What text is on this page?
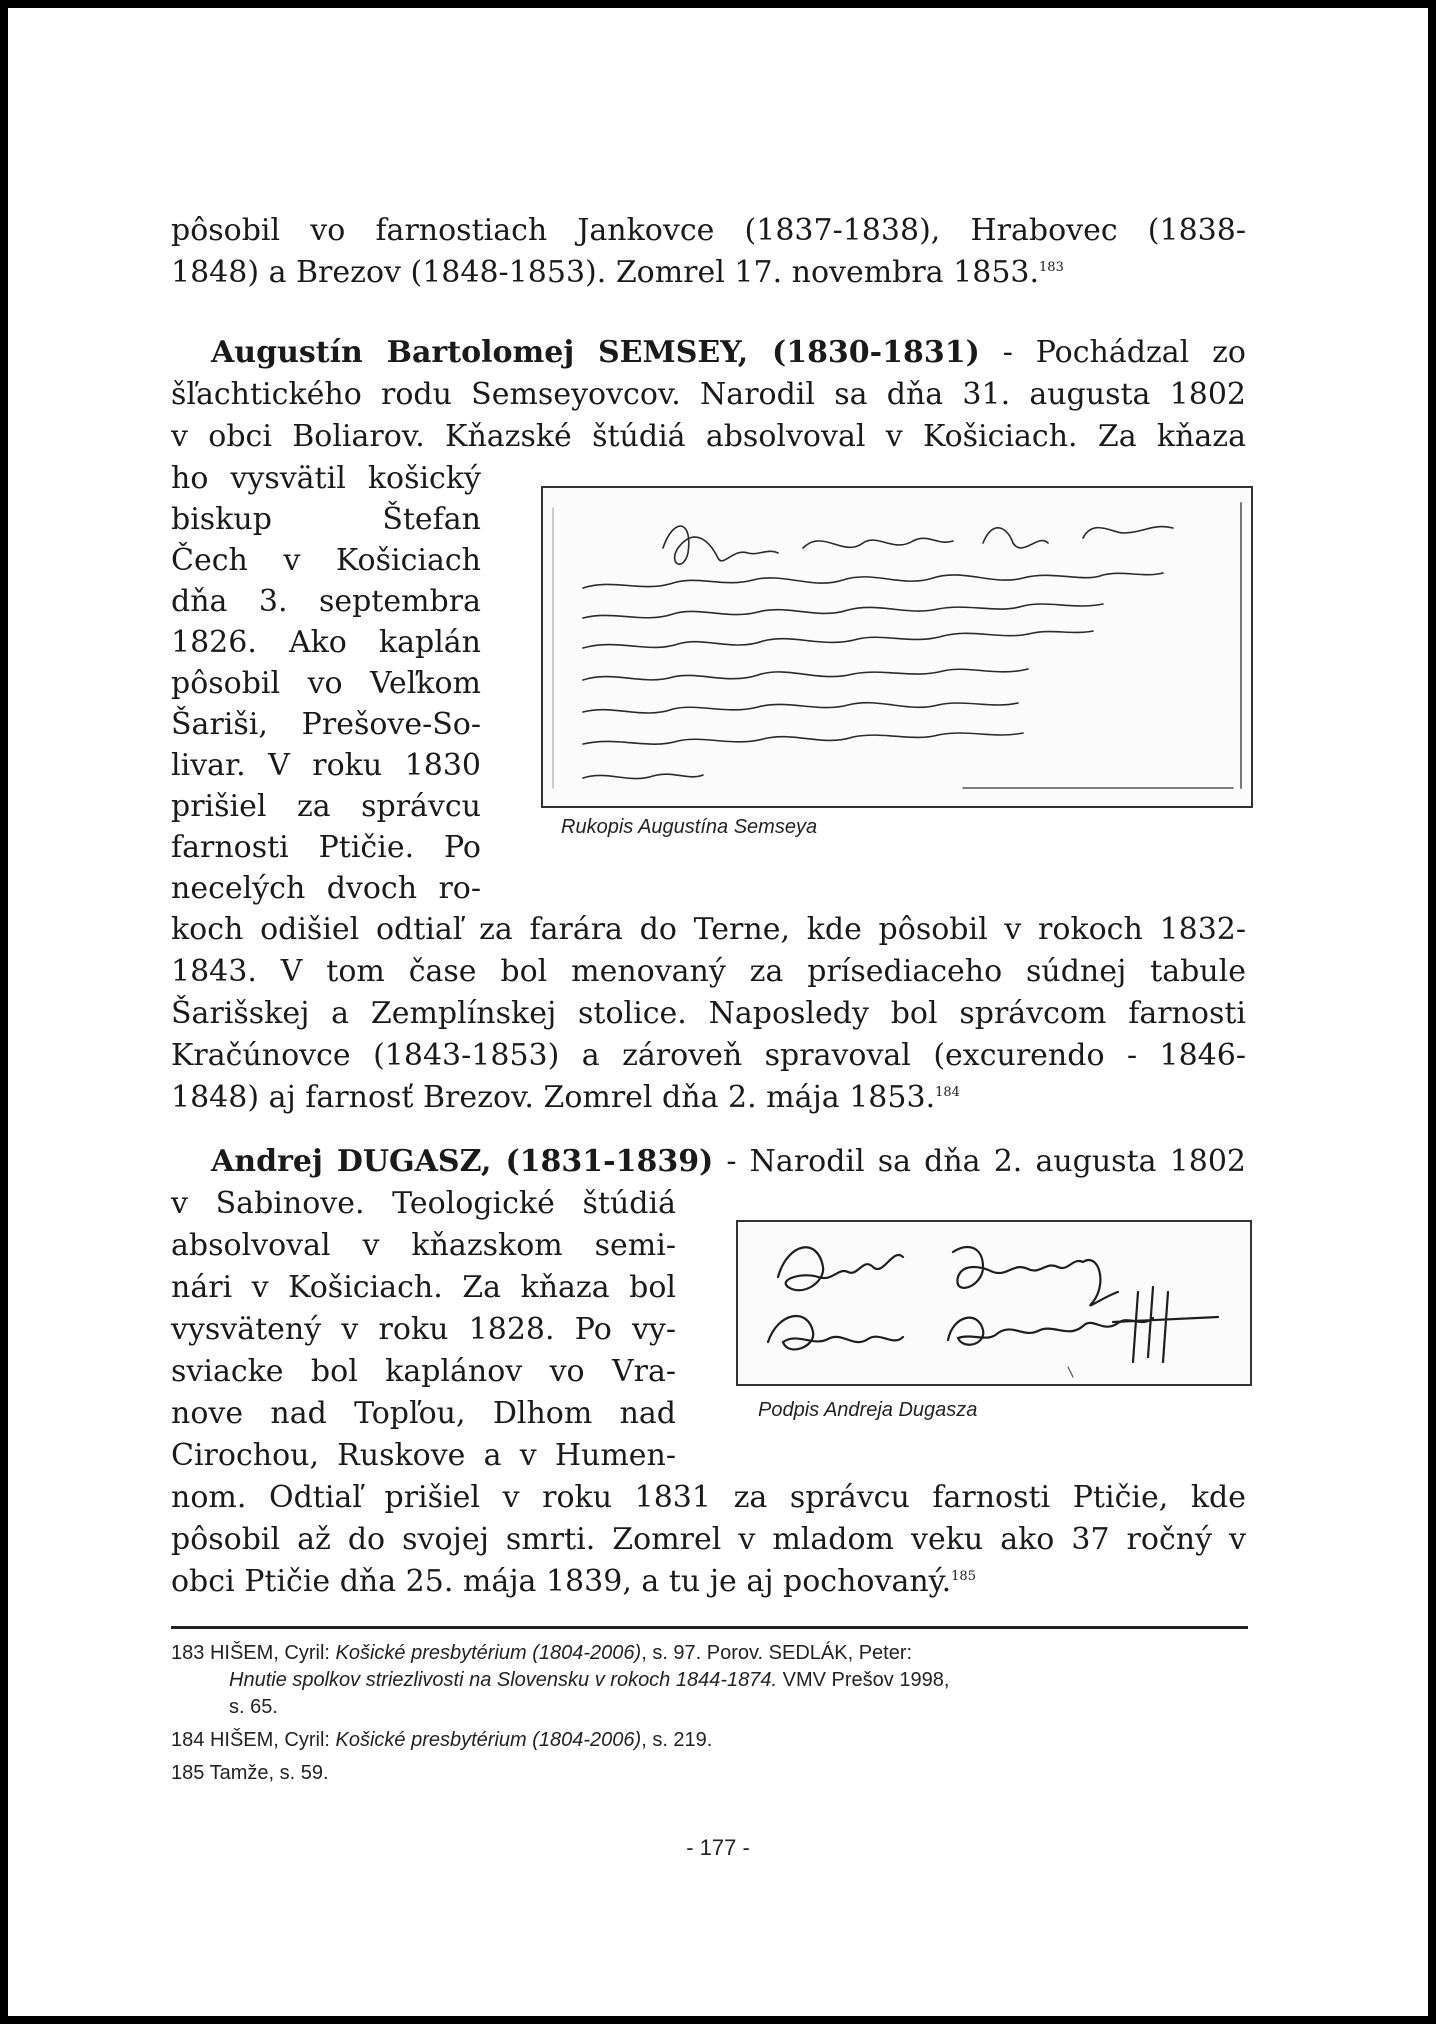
pôsobil vo farnostiach Jankovce (1837-1838), Hrabovec (1838-
1848) a Brezov (1848-1853). Zomrel 17. novembra 1853.$^{183}$
Augustín Bartolomej SEMSEY, (1830-1831) - Pochádzal zo
šľachtického rodu Semseyovcov. Narodil sa dňa 31. augusta 1802
v obci Boliarov. Kňazské štúdiá absolvoval v Košiciach. Za kňaza
ho vysvätil košický
biskup Štefan
Čech v Košiciach
dňa 3. septembra
1826. Ako kaplán
pôsobil vo Veľkom
Šariši, Prešove-So-
livar. V roku 1830
prišiel za správcu
farnosti Ptičie. Po
necelých dvoch ro-
Rukopis Augustína Semseya
koch odišiel odtiaľ za farára do Terne, kde pôsobil v rokoch 1832-
1843. V tom čase bol menovaný za prísediaceho súdnej tabule
Šarišskej a Zemplínskej stolice. Naposledy bol správcom farnosti
Kračúnovce (1843-1853) a zároveň spravoval (excurendo - 1846-
1848) aj farnosť Brezov. Zomrel dňa 2. mája 1853.$^{184}$
Andrej DUGASZ, (1831-1839) - Narodil sa dňa 2. augusta 1802
v Sabinove. Teologické štúdiá
absolvoval v kňazskom semi-
nári v Košiciach. Za kňaza bol
vysvätený v roku 1828. Po vy-
sviacke bol kaplánov vo Vra-
nove nad Topľou, Dlhom nad
Cirochou, Ruskove a v Humen-
Podpis Andreja Dugasza
nom. Odtiaľ prišiel v roku 1831 za správcu farnosti Ptičie, kde
pôsobil až do svojej smrti. Zomrel v mladom veku ako 37 ročný v
obci Ptičie dňa 25. mája 1839, a tu je aj pochovaný.$^{185}$
183 HIŠEM, Cyril: Košické presbytérium (1804-2006), s. 97. Porov. SEDLÁK, Peter:
Hnutie spolkov striezlivosti na Slovensku v rokoch 1844-1874. VMV Prešov 1998,
s. 65.
184 HIŠEM, Cyril: Košické presbytérium (1804-2006), s. 219.
185 Tamže, s. 59.
- 177 -
